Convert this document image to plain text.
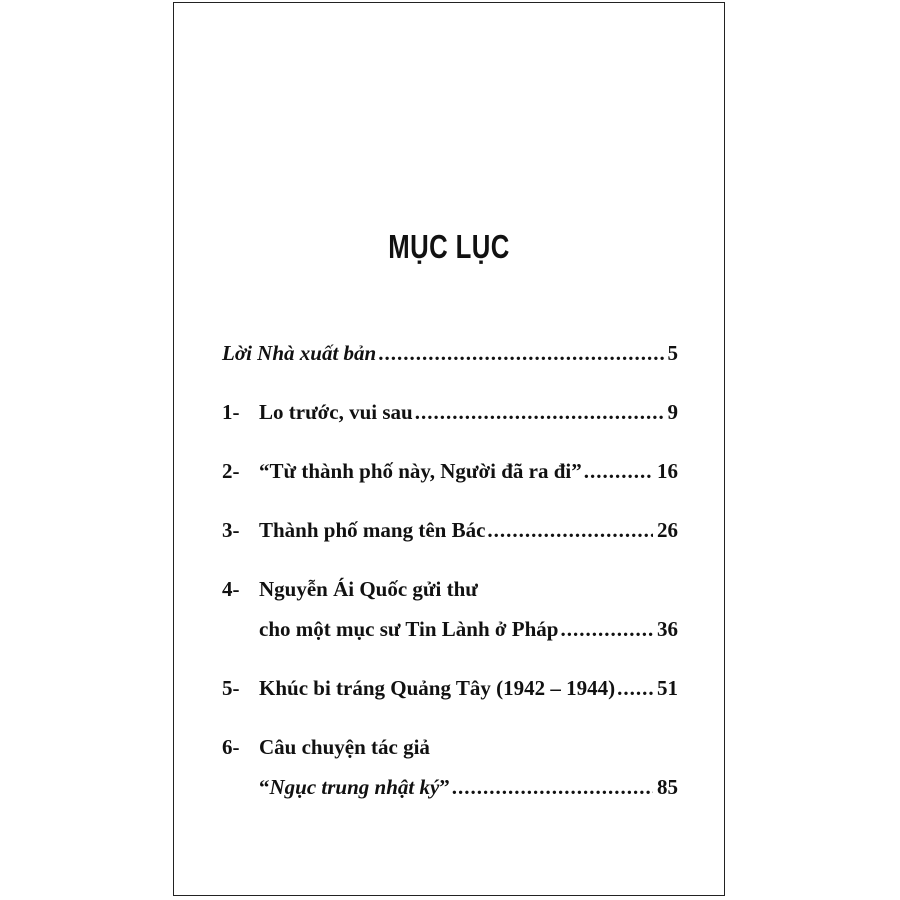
MỤC LỤC
Lời Nhà xuất bản .....	5
1- Lo trước, vui sau .....	9
2- “Từ thành phố này, Người đã ra đi” .....	16
3- Thành phố mang tên Bác .....	26
4- Nguyễn Ái Quốc gửi thư
cho một mục sư Tin Lành ở Pháp .....	36
5- Khúc bi tráng Quảng Tây (1942 – 1944) ..... 51
6- Câu chuyện tác giả
“Ngục trung nhật ký” .....	85
